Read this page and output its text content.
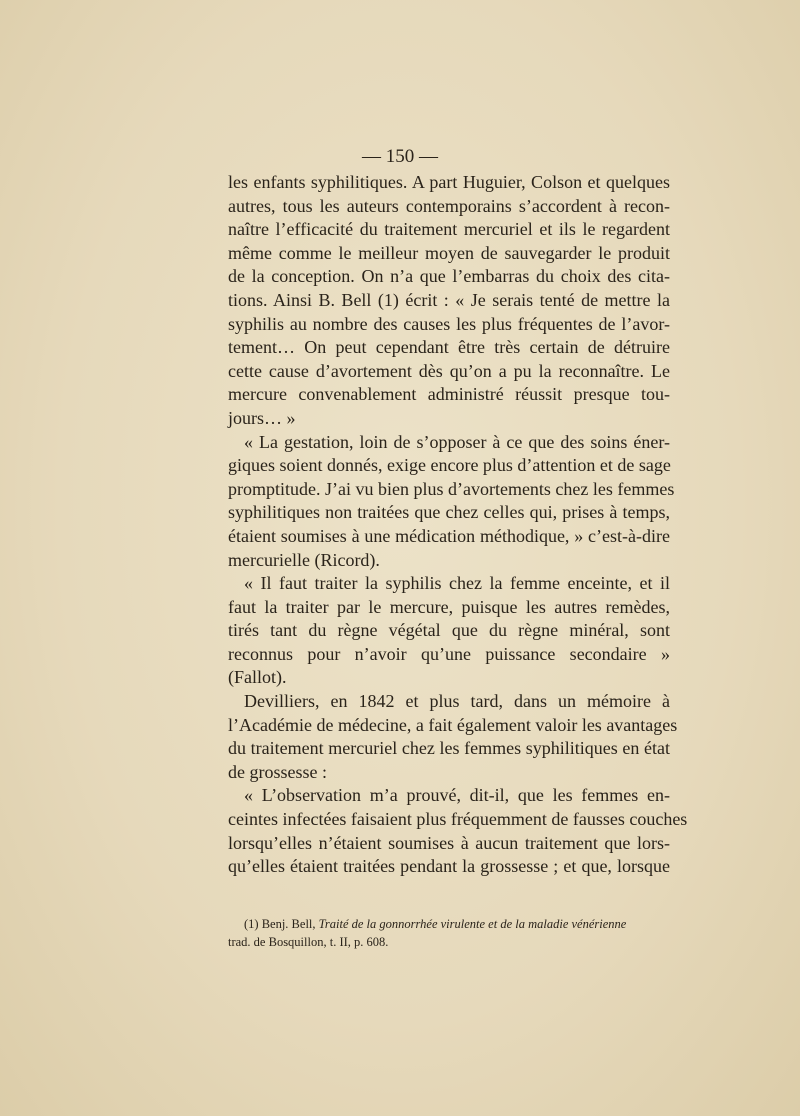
— 150 —
les enfants syphilitiques. A part Huguier, Colson et quelques
autres, tous les auteurs contemporains s’accordent à recon-
naître l’efficacité du traitement mercuriel et ils le regardent
même comme le meilleur moyen de sauvegarder le produit
de la conception. On n’a que l’embarras du choix des cita-
tions. Ainsi B. Bell (1) écrit : « Je serais tenté de mettre la
syphilis au nombre des causes les plus fréquentes de l’avor-
tement… On peut cependant être très certain de détruire
cette cause d’avortement dès qu’on a pu la reconnaître. Le
mercure convenablement administré réussit presque tou-
jours… »
« La gestation, loin de s’opposer à ce que des soins éner-
giques soient donnés, exige encore plus d’attention et de sage
promptitude. J’ai vu bien plus d’avortements chez les femmes
syphilitiques non traitées que chez celles qui, prises à temps,
étaient soumises à une médication méthodique, » c’est-à-dire
mercurielle (Ricord).
« Il faut traiter la syphilis chez la femme enceinte, et il
faut la traiter par le mercure, puisque les autres remèdes,
tirés tant du règne végétal que du règne minéral, sont
reconnus pour n’avoir qu’une puissance secondaire »
(Fallot).
Devilliers, en 1842 et plus tard, dans un mémoire à
l’Académie de médecine, a fait également valoir les avantages
du traitement mercuriel chez les femmes syphilitiques en état
de grossesse :
« L’observation m’a prouvé, dit-il, que les femmes en-
ceintes infectées faisaient plus fréquemment de fausses couches
lorsqu’elles n’étaient soumises à aucun traitement que lors-
qu’elles étaient traitées pendant la grossesse ; et que, lorsque
(1) Benj. Bell, Traité de la gonnorrhée virulente et de la maladie vénérienne
trad. de Bosquillon, t. II, p. 608.
